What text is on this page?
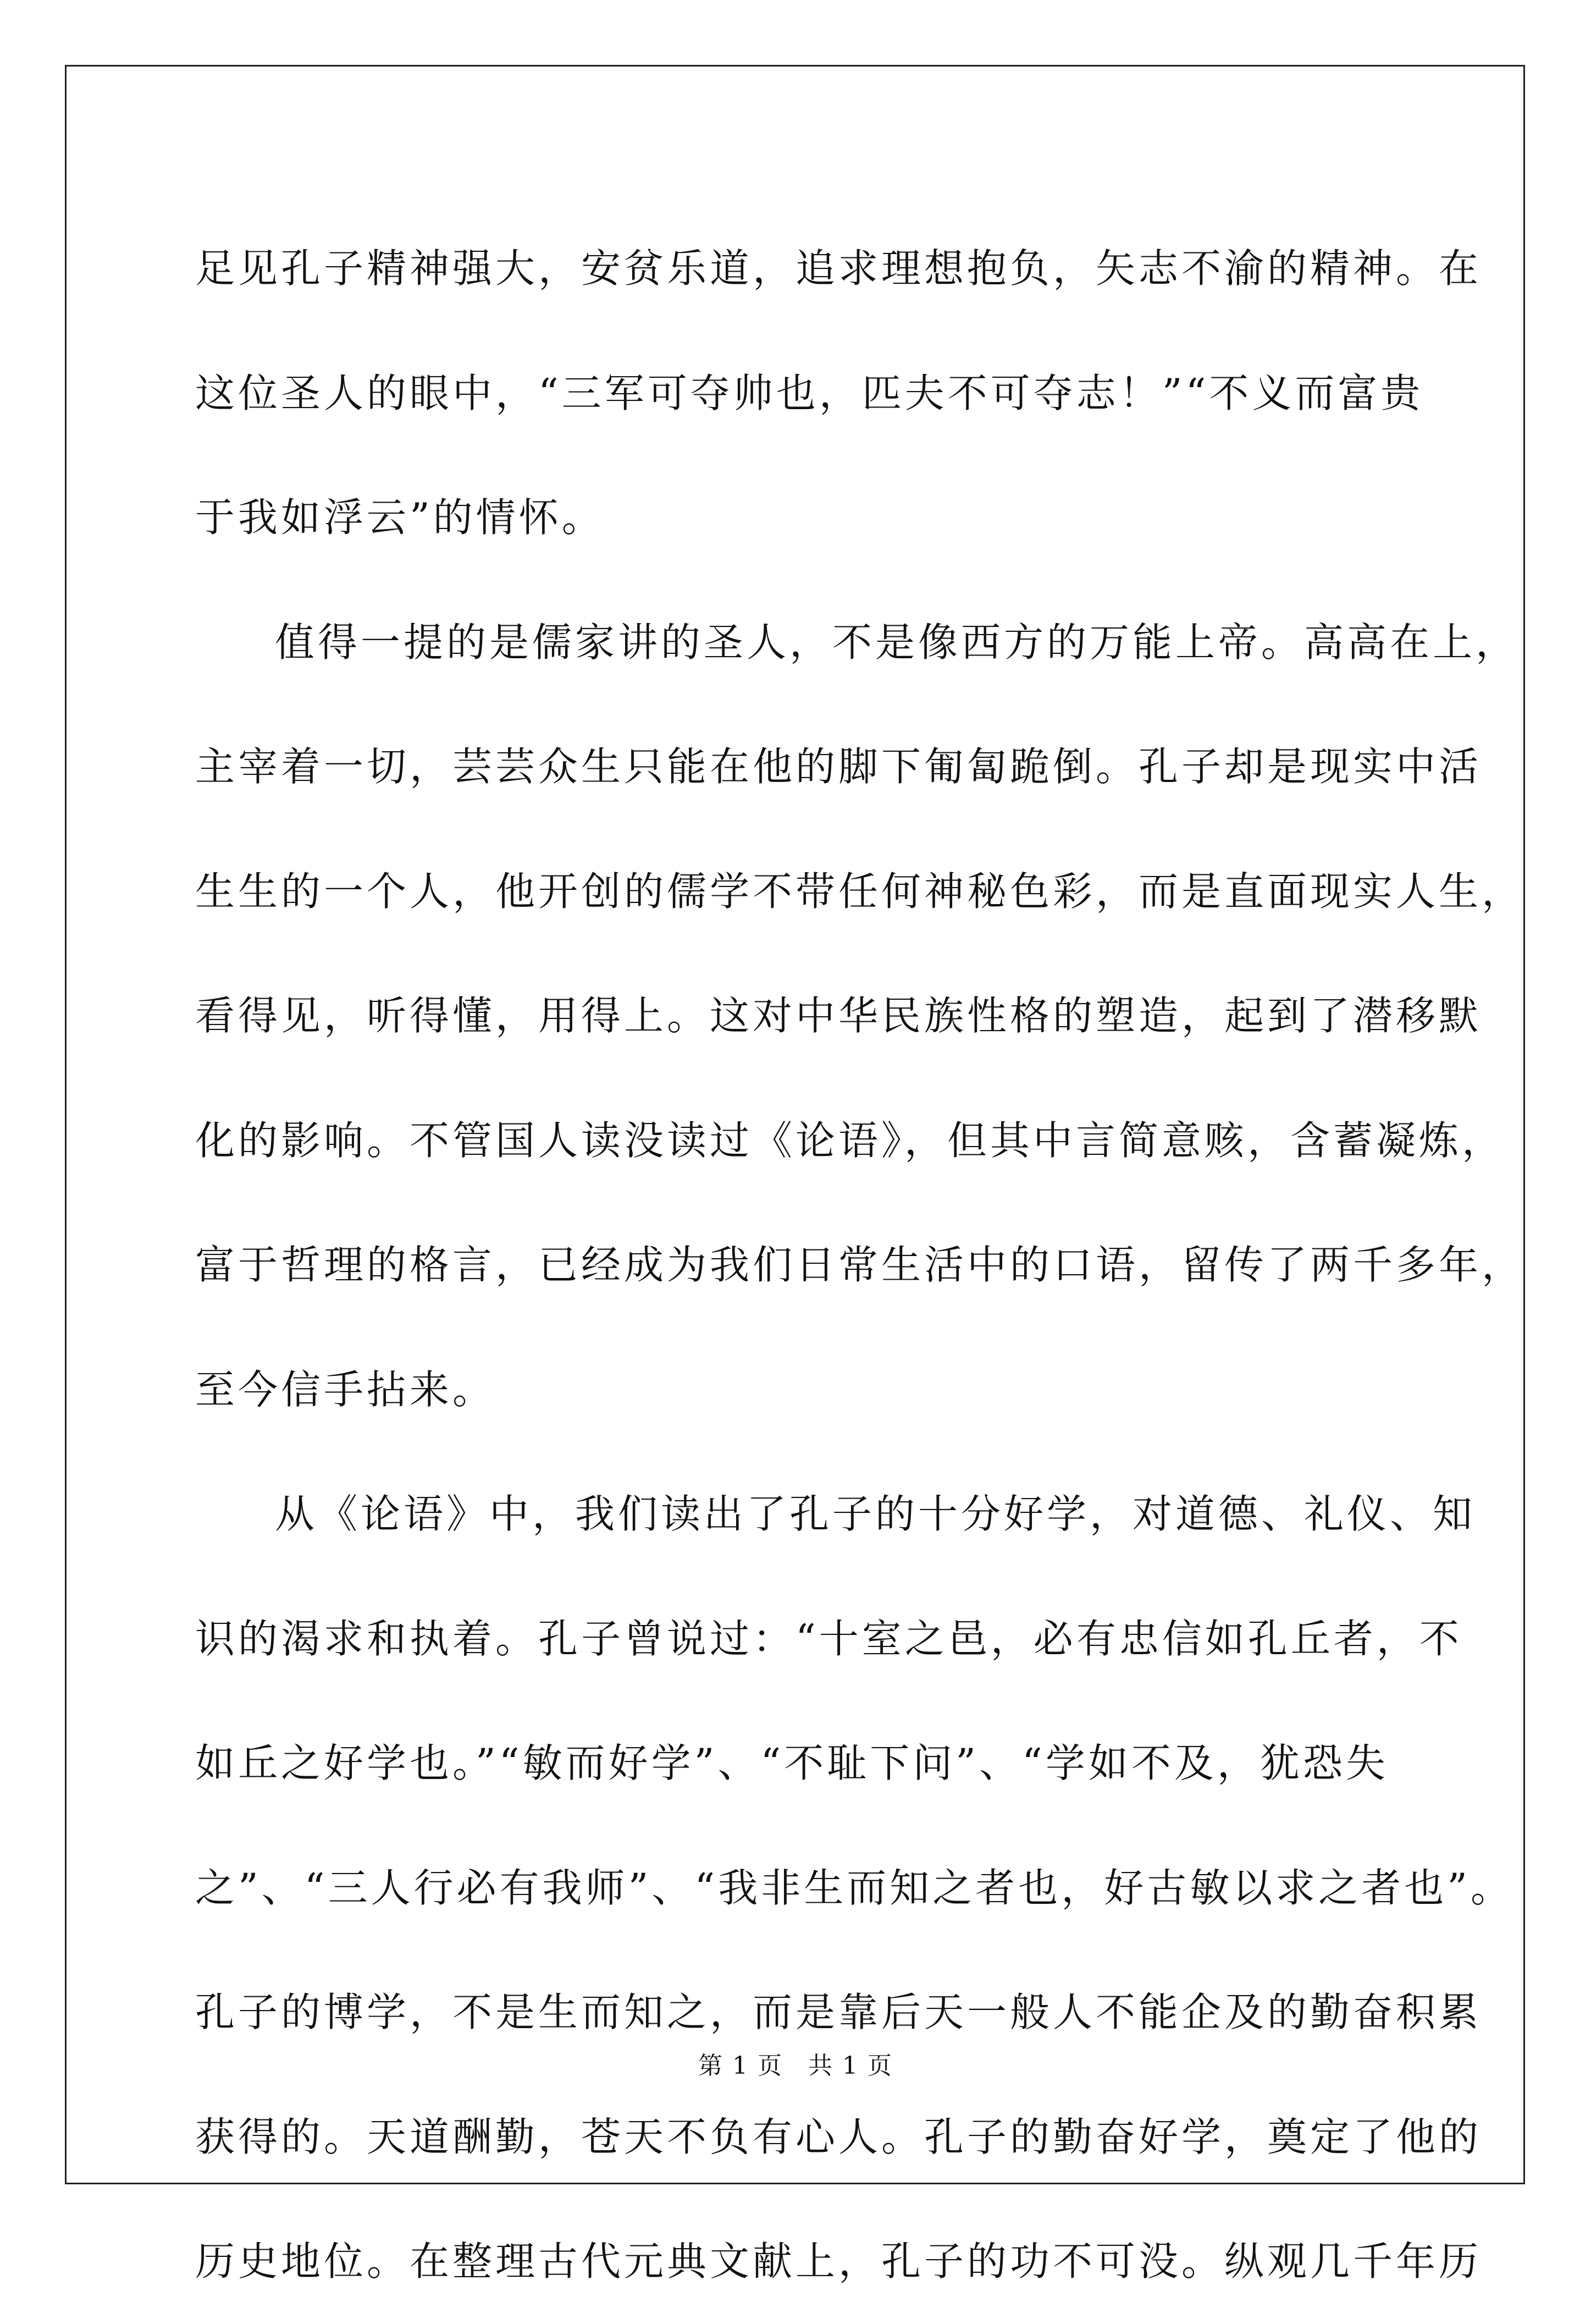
足见孔子精神强大，安贫乐道，追求理想抱负，矢志不渝的精神。在
这位圣人的眼中，“三军可夺帅也，匹夫不可夺志！”“不义而富贵
于我如浮云”的情怀。
值得一提的是儒家讲的圣人，不是像西方的万能上帝。高高在上，
主宰着一切，芸芸众生只能在他的脚下匍匐跪倒。孔子却是现实中活
生生的一个人，他开创的儒学不带任何神秘色彩，而是直面现实人生，
看得见，听得懂，用得上。这对中华民族性格的塑造，起到了潜移默
化的影响。不管国人读没读过《论语》，但其中言简意赅，含蓄凝炼，
富于哲理的格言，已经成为我们日常生活中的口语，留传了两千多年，
至今信手拈来。
从《论语》中，我们读出了孔子的十分好学，对道德、礼仪、知
识的渴求和执着。孔子曾说过：“十室之邑，必有忠信如孔丘者，不
如丘之好学也。”“敏而好学”、“不耻下问”、“学如不及，犹恐失
之”、“三人行必有我师”、“我非生而知之者也，好古敏以求之者也”。
孔子的博学，不是生而知之，而是靠后天一般人不能企及的勤奋积累
获得的。天道酬勤，苍天不负有心人。孔子的勤奋好学，奠定了他的
历史地位。在整理古代元典文献上，孔子的功不可没。纵观几千年历
第 1 页　共 1 页
